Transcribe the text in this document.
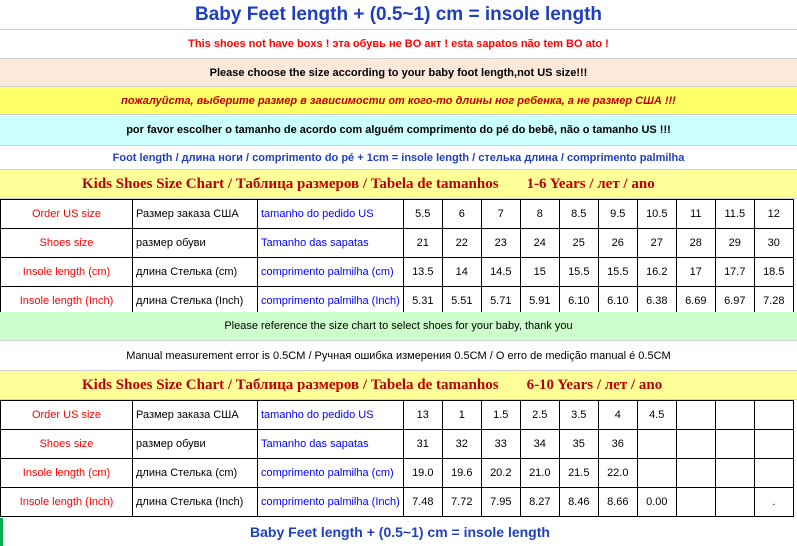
Baby Feet length + (0.5~1) cm = insole length
This shoes not have boxs ! эта обувь не BO акт ! esta sapatos não tem BO ato !
Please choose the size according to your baby foot length,not US size!!!
пожалуйста, выберите размер в зависимости от кого-то длины ног ребенка, а не размер США !!!
por favor escolher o tamanho de acordo com alguém comprimento do pé do bebê, não o tamanho US !!!
Foot length / длина ноги / comprimento do pé + 1cm = insole length / стелька длина / comprimento palmilha
Kids Shoes Size Chart / Таблица размеров / Tabela de tamanhos 1-6 Years / лет / ano
Order US size	Размер заказа США	tamanho do pedido US	5.5	6	7	8	8.5	9.5	10.5	11	11.5	12
Shoes size	размер обуви	Tamanho das sapatas	21	22	23	24	25	26	27	28	29	30
Insole length (cm)	длина Стелька (cm)	comprimento palmilha (cm)	13.5	14	14.5	15	15.5	15.5	16.2	17	17.7	18.5
Insole length (Inch)	длина Стелька (Inch)	comprimento palmilha (Inch)	5.31	5.51	5.71	5.91	6.10	6.10	6.38	6.69	6.97	7.28
Please reference the size chart to select shoes for your baby, thank you
Manual measurement error is 0.5CM / Ручная ошибка измерения 0.5CM / O erro de medição manual é 0.5CM
Kids Shoes Size Chart / Таблица размеров / Tabela de tamanhos 6-10 Years / лет / ano
Order US size	Размер заказа США	tamanho do pedido US	13	1	1.5	2.5	3.5	4	4.5			
Shoes size	размер обуви	Tamanho das sapatas	31	32	33	34	35	36				
Insole length (cm)	длина Стелька (cm)	comprimento palmilha (cm)	19.0	19.6	20.2	21.0	21.5	22.0				
Insole length (Inch)	длина Стелька (Inch)	comprimento palmilha (Inch)	7.48	7.72	7.95	8.27	8.46	8.66	0.00			.
Baby Feet length + (0.5~1) cm = insole length
